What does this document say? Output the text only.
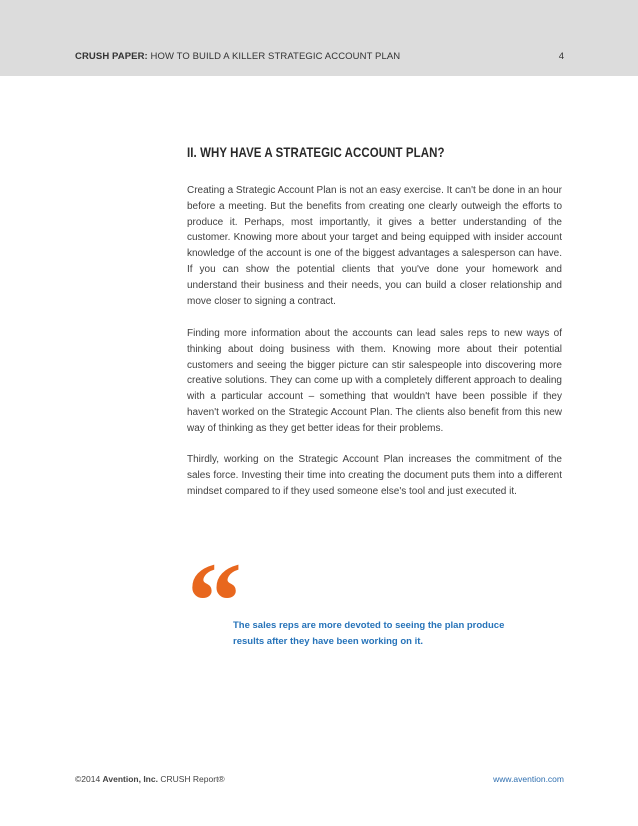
CRUSH PAPER: HOW TO BUILD A KILLER STRATEGIC ACCOUNT PLAN	4
II. WHY HAVE A STRATEGIC ACCOUNT PLAN?
Creating a Strategic Account Plan is not an easy exercise. It can't be done in an hour before a meeting. But the benefits from creating one clearly outweigh the efforts to produce it. Perhaps, most importantly, it gives a better understanding of the customer. Knowing more about your target and being equipped with insider account knowledge of the account is one of the biggest advantages a salesperson can have. If you can show the potential clients that you've done your homework and understand their business and their needs, you can build a closer relationship and move closer to signing a contract.
Finding more information about the accounts can lead sales reps to new ways of thinking about doing business with them. Knowing more about their potential customers and seeing the bigger picture can stir salespeople into discovering more creative solutions. They can come up with a completely different approach to dealing with a particular account – something that wouldn't have been possible if they haven't worked on the Strategic Account Plan. The clients also benefit from this new way of thinking as they get better ideas for their problems.
Thirdly, working on the Strategic Account Plan increases the commitment of the sales force. Investing their time into creating the document puts them into a different mindset compared to if they used someone else's tool and just executed it.
“
The sales reps are more devoted to seeing the plan produce results after they have been working on it.
©2014 Avention, Inc. CRUSH Report®	www.avention.com
